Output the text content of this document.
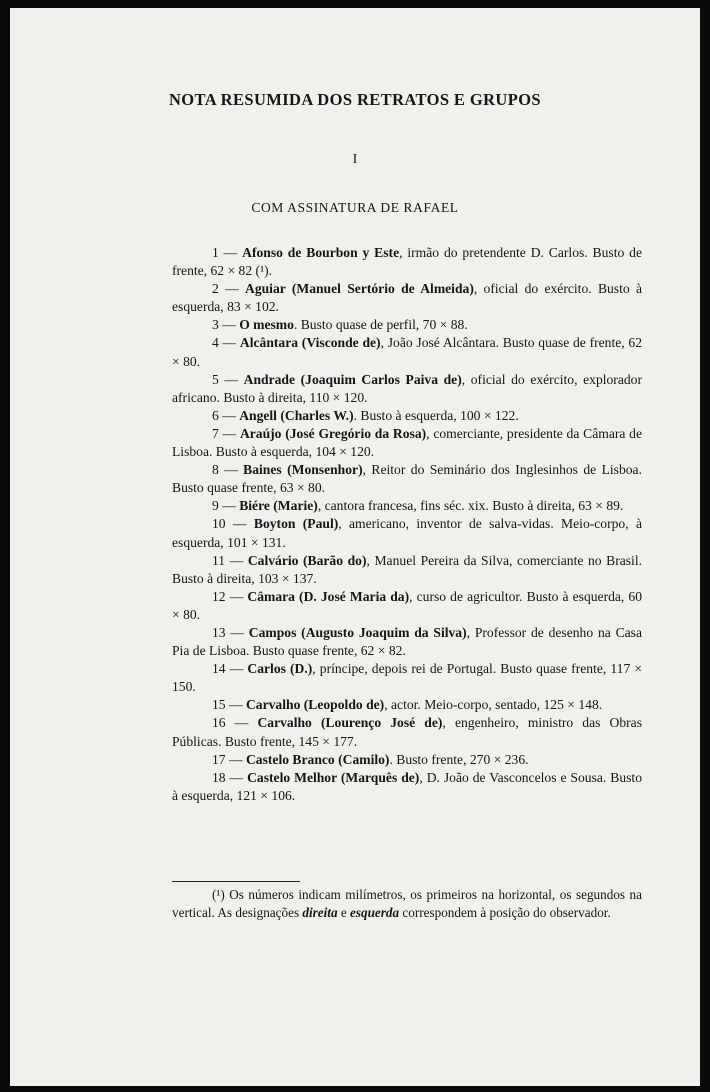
NOTA RESUMIDA DOS RETRATOS E GRUPOS

I

COM ASSINATURA DE RAFAEL

1 — Afonso de Bourbon y Este, irmão do pretendente D. Carlos. Busto de frente, 62 × 82 (¹).

2 — Aguiar (Manuel Sertório de Almeida), oficial do exército. Busto à esquerda, 83 × 102.

3 — O mesmo. Busto quase de perfil, 70 × 88.

4 — Alcântara (Visconde de), João José Alcântara. Busto quase de frente, 62 × 80.

5 — Andrade (Joaquim Carlos Paiva de), oficial do exército, explorador africano. Busto à direita, 110 × 120.

6 — Angell (Charles W.). Busto à esquerda, 100 × 122.

7 — Araújo (José Gregório da Rosa), comerciante, presidente da Câmara de Lisboa. Busto à esquerda, 104 × 120.

8 — Baines (Monsenhor), Reitor do Seminário dos Inglesinhos de Lisboa. Busto quase frente, 63 × 80.

9 — Biére (Marie), cantora francesa, fins séc. xix. Busto à direita, 63 × 89.

10 — Boyton (Paul), americano, inventor de salva-vidas. Meio-corpo, à esquerda, 101 × 131.

11 — Calvário (Barão do), Manuel Pereira da Silva, comerciante no Brasil. Busto à direita, 103 × 137.

12 — Câmara (D. José Maria da), curso de agricultor. Busto à esquerda, 60 × 80.

13 — Campos (Augusto Joaquim da Silva), Professor de desenho na Casa Pia de Lisboa. Busto quase frente, 62 × 82.

14 — Carlos (D.), príncipe, depois rei de Portugal. Busto quase frente, 117 × 150.

15 — Carvalho (Leopoldo de), actor. Meio-corpo, sentado, 125 × 148.

16 — Carvalho (Lourenço José de), engenheiro, ministro das Obras Públicas. Busto frente, 145 × 177.

17 — Castelo Branco (Camilo). Busto frente, 270 × 236.

18 — Castelo Melhor (Marquês de), D. João de Vasconcelos e Sousa. Busto à esquerda, 121 × 106.

(¹) Os números indicam milímetros, os primeiros na horizontal, os segundos na vertical. As designações direita e esquerda correspondem à posição do observador.
